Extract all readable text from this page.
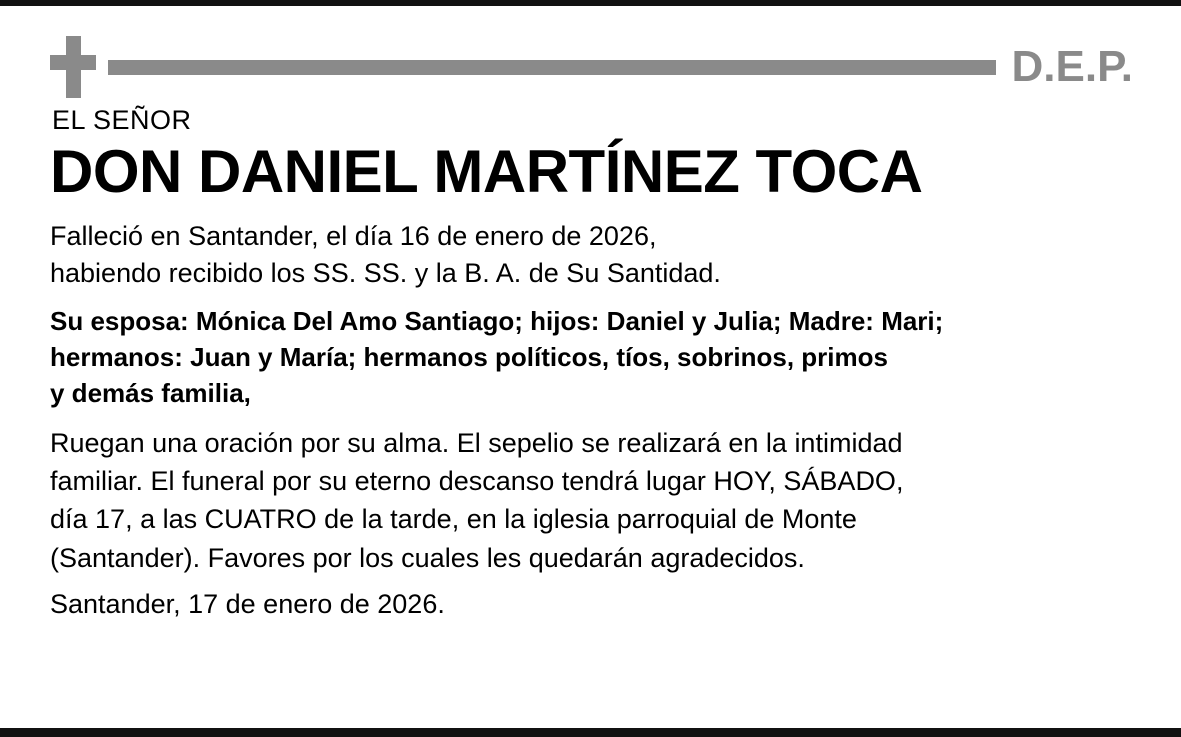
D.E.P.
EL SEÑOR
DON DANIEL MARTÍNEZ TOCA
Falleció en Santander, el día 16 de enero de 2026,
habiendo recibido los SS. SS. y la B. A. de Su Santidad.
Su esposa: Mónica Del Amo Santiago; hijos: Daniel y Julia; Madre: Mari;
hermanos: Juan y María; hermanos políticos, tíos, sobrinos, primos
y demás familia,
Ruegan una oración por su alma. El sepelio se realizará en la intimidad
familiar. El funeral por su eterno descanso tendrá lugar HOY, SÁBADO,
día 17, a las CUATRO de la tarde, en la iglesia parroquial de Monte
(Santander). Favores por los cuales les quedarán agradecidos.
Santander, 17 de enero de 2026.
